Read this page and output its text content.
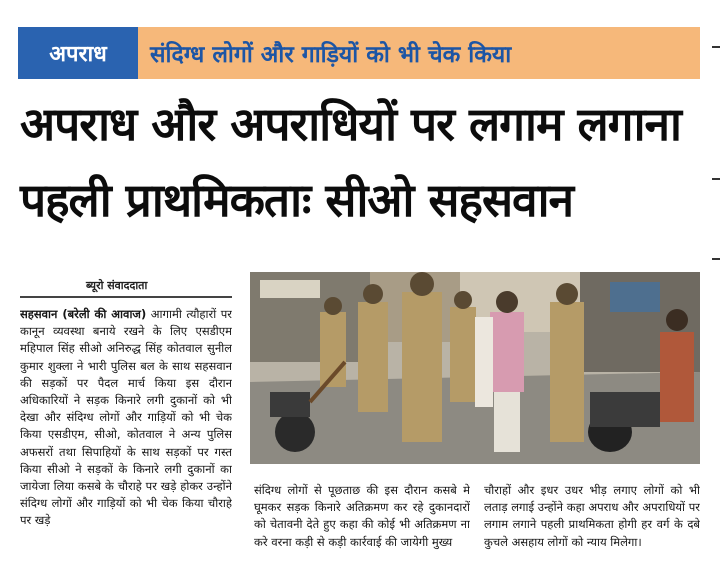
अपराध	संदिग्ध लोगों और गाड़ियों को भी चेक किया
अपराध और अपराधियों पर लगाम लगाना
पहली प्राथमिकताः सीओ सहसवान
ब्यूरो संवाददाता
सहसवान (बरेली की आवाज) आगामी त्यौहारों पर कानून व्यवस्था बनाये रखने के लिए एसडीएम महिपाल सिंह सीओ अनिरुद्ध सिंह कोतवाल सुनील कुमार शुक्ला ने भारी पुलिस बल के साथ सहसवान की सड़कों पर पैदल मार्च किया इस दौरान अधिकारियों ने सड़क किनारे लगी दुकानों को भी देखा और संदिग्ध लोगों और गाड़ियों को भी चेक किया एसडीएम, सीओ, कोतवाल ने अन्य पुलिस अफसरों तथा सिपाहियों के साथ सड़कों पर गस्त किया सीओ ने सड़कों के किनारे लगी दुकानों का जायेजा लिया कसबे के चौराहे पर खड़े होकर उन्होंने संदिग्ध लोगों और गाड़ियों को भी चेक किया चौराहे पर खड़े
संदिग्ध लोगों से पूछताछ की इस दौरान कसबे मे घूमकर सड़क किनारे अतिक्रमण कर रहे दुकानदारों को चेतावनी देते हुए कहा की कोई भी अतिक्रमण ना करे वरना कड़ी से कड़ी कार्रवाई की जायेगी मुख्य
चौराहों और इधर उधर भीड़ लगाए लोगों को भी लताड़ लगाई उन्होंने कहा अपराध और अपराधियों पर लगाम लगाने पहली प्राथमिकता होगी हर वर्ग के दबे कुचले असहाय लोगों को न्याय मिलेगा।
